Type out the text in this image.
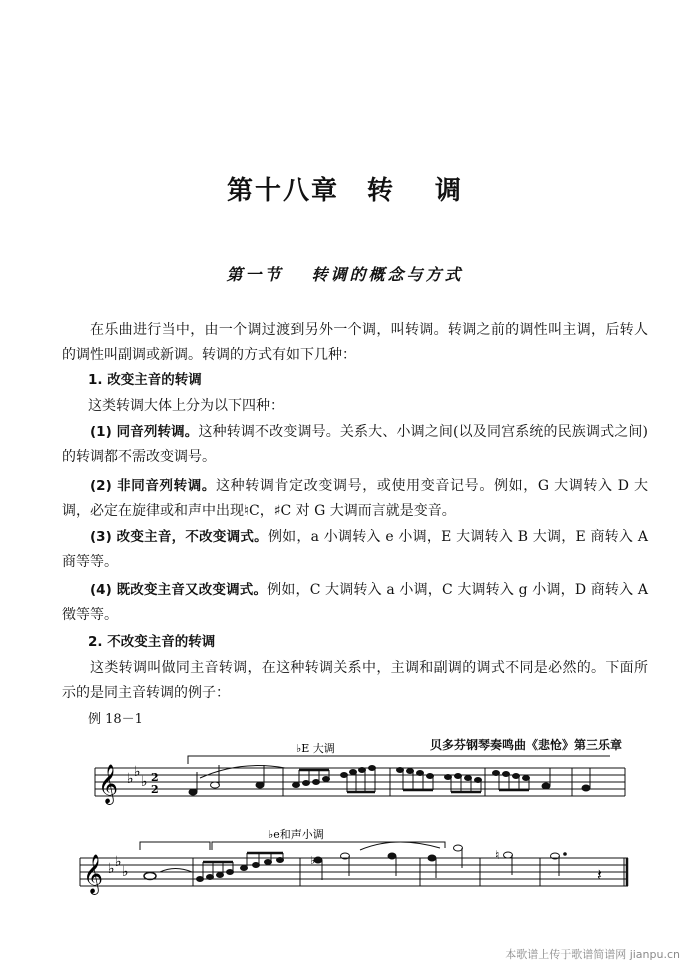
第十八章 转 调
第一节 转调的概念与方式
在乐曲进行当中，由一个调过渡到另外一个调，叫转调。转调之前的调性叫主调，后转人的调性叫副调或新调。转调的方式有如下几种：
1. 改变主音的转调
这类转调大体上分为以下四种：
(1) 同音列转调。这种转调不改变调号。关系大、小调之间(以及同宫系统的民族调式之间)的转调都不需改变调号。
(2) 非同音列转调。这种转调肯定改变调号，或使用变音记号。例如，G 大调转入 D 大调，必定在旋律或和声中出现♮C，♯C 对 G 大调而言就是变音。
(3) 改变主音，不改变调式。例如，a 小调转入 e 小调，E 大调转入 B 大调，E 商转入 A 商等等。
(4) 既改变主音又改变调式。例如，C 大调转入 a 小调，C 大调转入 g 小调，D 商转入 A 徵等等。
2. 不改变主音的转调
这类转调叫做同主音转调，在这种转调关系中，主调和副调的调式不同是必然的。下面所示的是同主音转调的例子：
例 18－1
贝多芬钢琴奏鸣曲《悲怆》第三乐章
𝄞 ♭ ♭
♭ 2
2
♭E 大调
𝄞 ♭ ♭
♭
♭e和声小调
♭	♮
𝄽
本歌谱上传于歌谱简谱网 jianpu.cn
